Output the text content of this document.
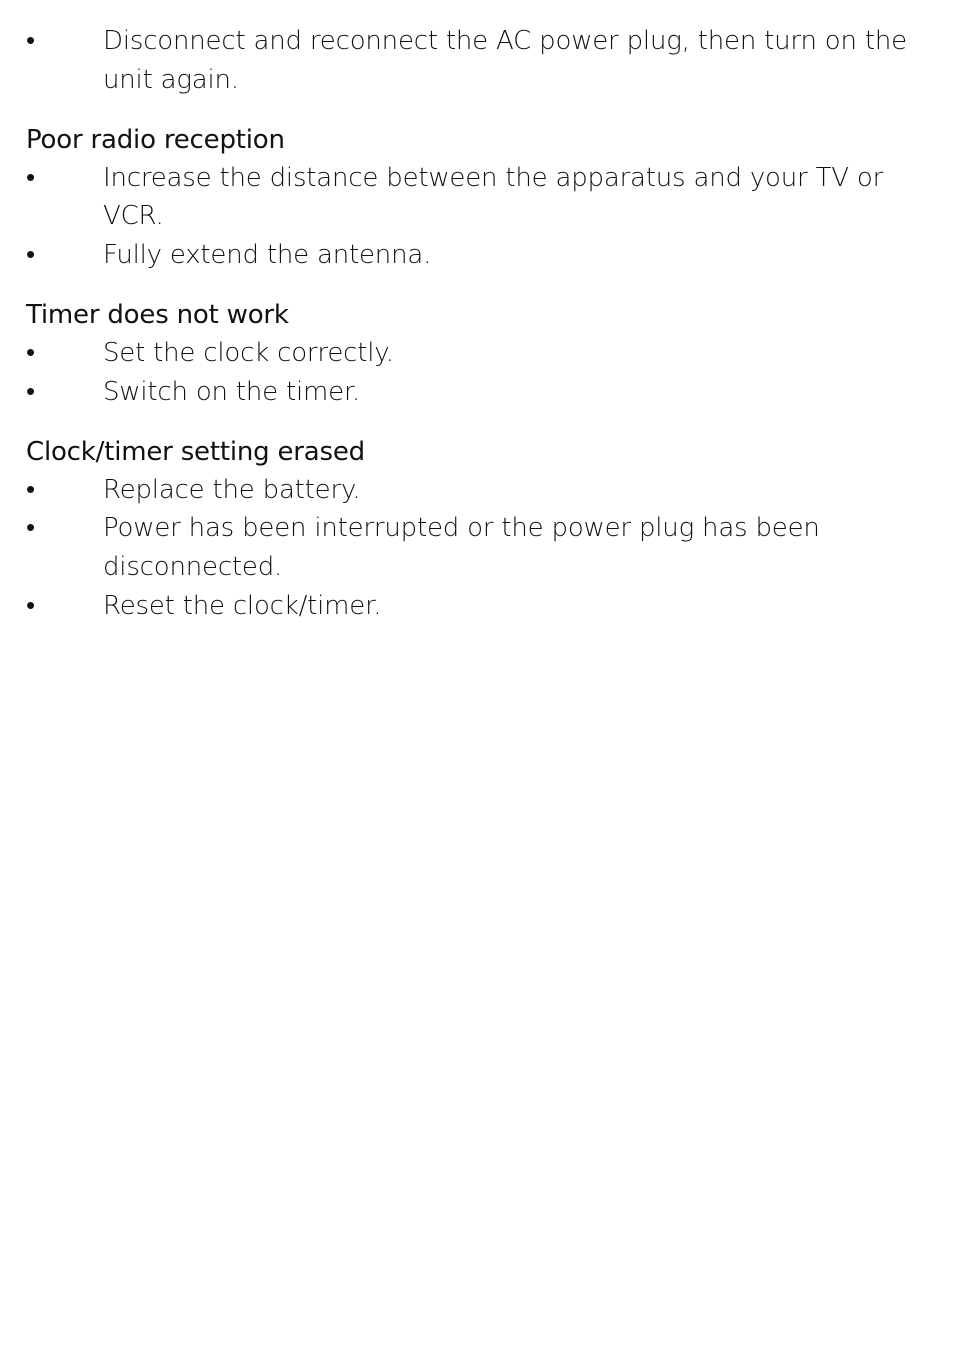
•	Disconnect and reconnect the AC power plug, then turn on the unit again.
Poor radio reception
•	Increase the distance between the apparatus and your TV or VCR.
•	Fully extend the antenna.
Timer does not work
•	Set the clock correctly.
•	Switch on the timer.
Clock/timer setting erased
•	Replace the battery.
•	Power has been interrupted or the power plug has been disconnected.
•	Reset the clock/timer.
